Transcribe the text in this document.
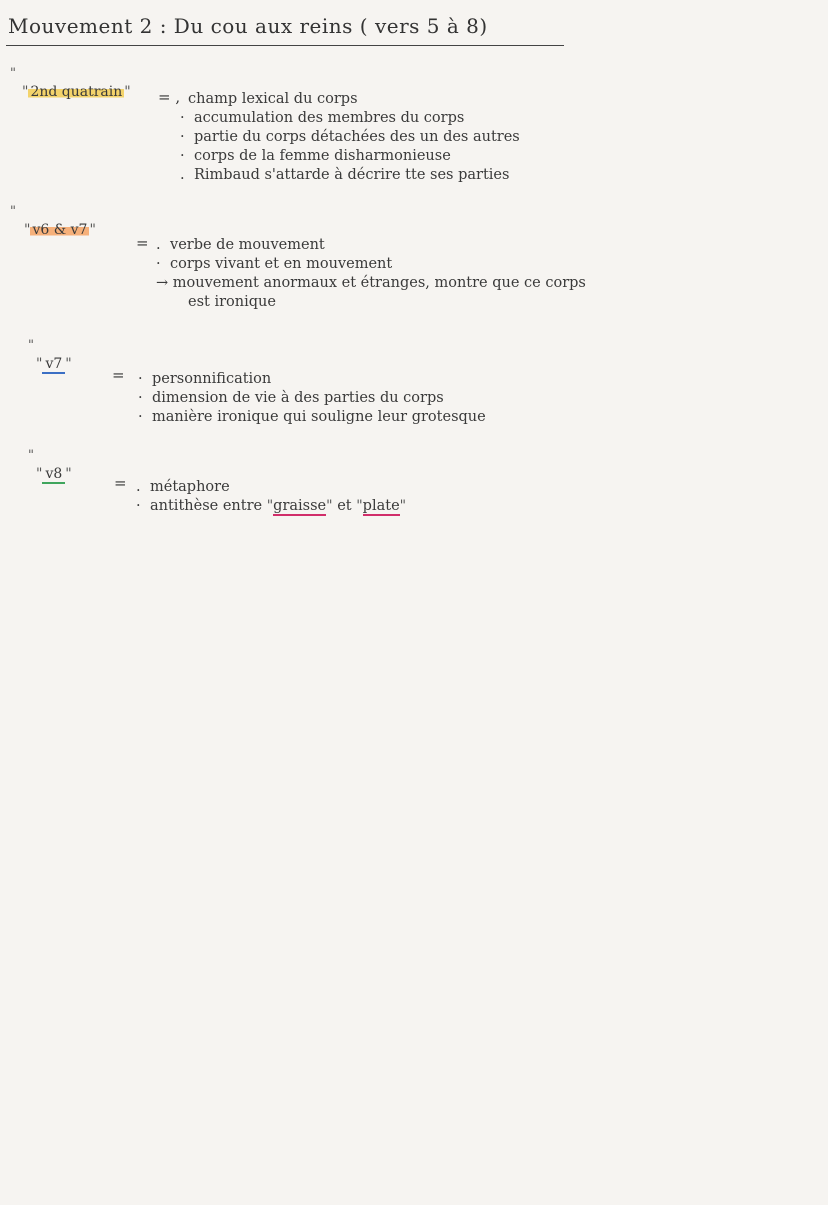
Mouvement 2 : Du cou aux reins ( vers 5 à 8)
"
" 2nd quatrain " = , champ lexical du corps
· accumulation des membres du corps
· partie du corps détachées des un des autres
· corps de la femme disharmonieuse
. Rimbaud s'attarde à décrire tte ses parties
"
" v6 & v7 "
= . verbe de mouvement
· corps vivant et en mouvement
→ mouvement anormaux et étranges, montre que ce corps
est ironique
"
" v7 "
= · personnification
· dimension de vie à des parties du corps
· manière ironique qui souligne leur grotesque
"
" v8 "	= . métaphore
· antithèse entre "graisse" et "plate"
